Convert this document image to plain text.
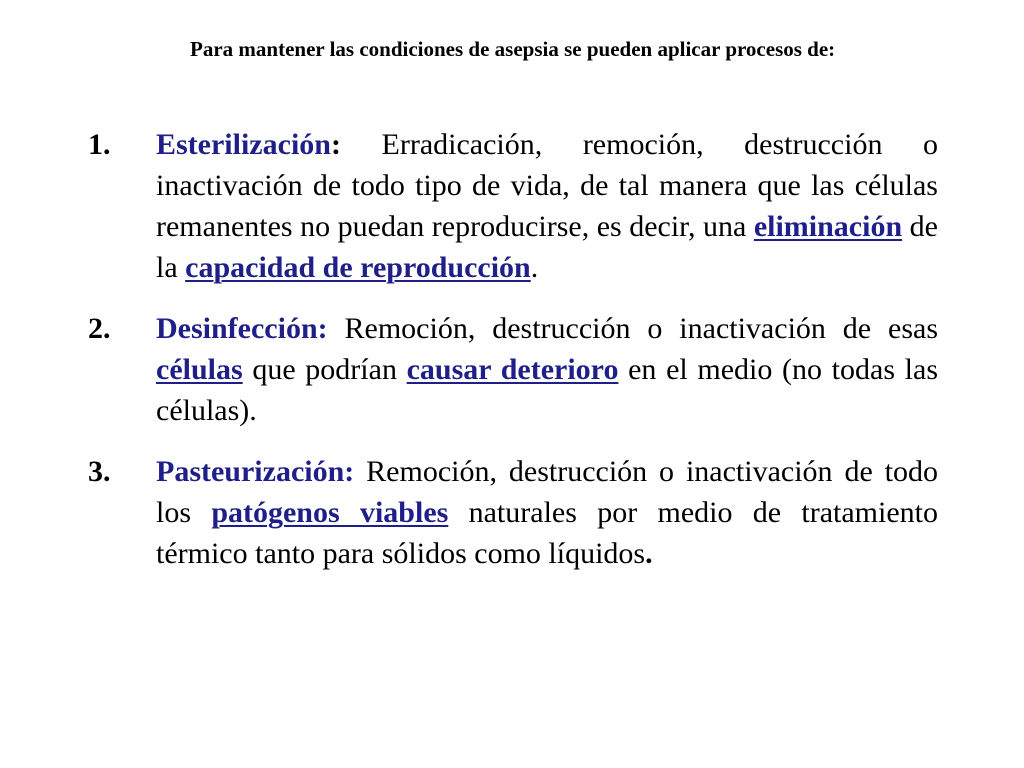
Para mantener las condiciones de asepsia se pueden aplicar procesos de:

1. Esterilización: Erradicación, remoción, destrucción o inactivación de todo tipo de vida, de tal manera que las células remanentes no puedan reproducirse, es decir, una eliminación de la capacidad de reproducción.
2. Desinfección: Remoción, destrucción o inactivación de esas células que podrían causar deterioro en el medio (no todas las células).
3. Pasteurización: Remoción, destrucción o inactivación de todo los patógenos viables naturales por medio de tratamiento térmico tanto para sólidos como líquidos.
